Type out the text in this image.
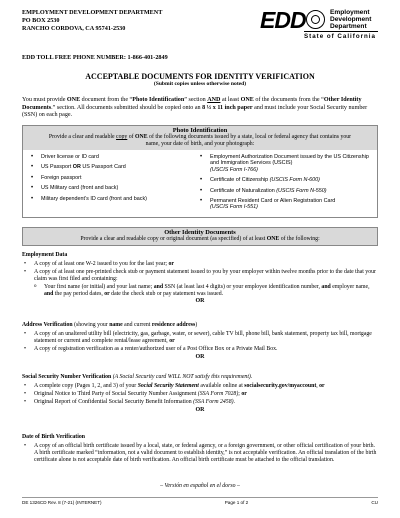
EMPLOYMENT DEVELOPMENT DEPARTMENT
PO BOX 2530
RANCHO CORDOVA, CA 95741-2530
EDD TOLL FREE PHONE NUMBER: 1-866-401-2849
EDD	Employment
Development
Department
State of California
ACCEPTABLE DOCUMENTS FOR IDENTITY VERIFICATION
(Submit copies unless otherwise noted)
You must provide ONE document from the “Photo Identification” section AND at least ONE of the documents from the “Other Identity Documents.” section. All documents submitted should be copied onto an 8 ½ x 11 inch paper and must include your Social Security number (SSN) on each page.
Photo Identification
Provide a clear and readable copy of ONE of the following documents issued by a state, local or federal agency that contains your name, your date of birth, and your photograph:
• Driver license or ID card
• US Passport OR US Passport Card
• Foreign passport
• US Military card (front and back)
• Military dependent’s ID card (front and back)
• Employment Authorization Document issued by the US Citizenship and Immigration Services (USCIS)
(USCIS Form I-766)
• Certificate of Citizenship (USCIS Form N-600)
• Certificate of Naturalization (USCIS Form N-550)
• Permanent Resident Card or Alien Registration Card
(USCIS Form I-551)
Other Identity Documents
Provide a clear and readable copy or original document (as specified) of at least ONE of the following:
Employment Data
• A copy of at least one W-2 issued to you for the last year; or
• A copy of at least one pre-printed check stub or payment statement issued to you by your employer within twelve months prior to the date that your claim was first filed and containing:
o Your first name (or initial) and your last name; and SSN (at least last 4 digits) or your employee identification number, and employer name, and the pay period dates, or date the check stub or pay statement was issued.
OR
Address Verification (showing your name and current residence address)
• A copy of an unaltered utility bill (electricity, gas, garbage, water, or sewer), cable TV bill, phone bill, bank statement, property tax bill, mortgage statement or current and complete rental/lease agreement, or
• A copy of registration verification as a renter/authorized user of a Post Office Box or a Private Mail Box.
OR
Social Security Number Verification (A Social Security card WILL NOT satisfy this requirement).
• A complete copy (Pages 1, 2, and 3) of your Social Security Statement available online at socialsecurity.gov/myaccount, or
• Original Notice to Third Party of Social Security Number Assignment (SSA Form 7028); or
• Original Report of Confidential Social Security Benefit Information (SSA Form 2458).
OR
Date of Birth Verification
• A copy of an official birth certificate issued by a local, state, or federal agency, or a foreign government, or other official certification of your birth. A birth certificate marked “information, not a valid document to establish identity,” is not acceptable verification. An official translation of the birth certificate alone is not acceptable date of birth verification. An official birth certificate must be attached to the official translation.
– Versión en español en el dorso –
DE 1326CD Rev. 8 (7-21) (INTERNET)	Page 1 of 2	CU
